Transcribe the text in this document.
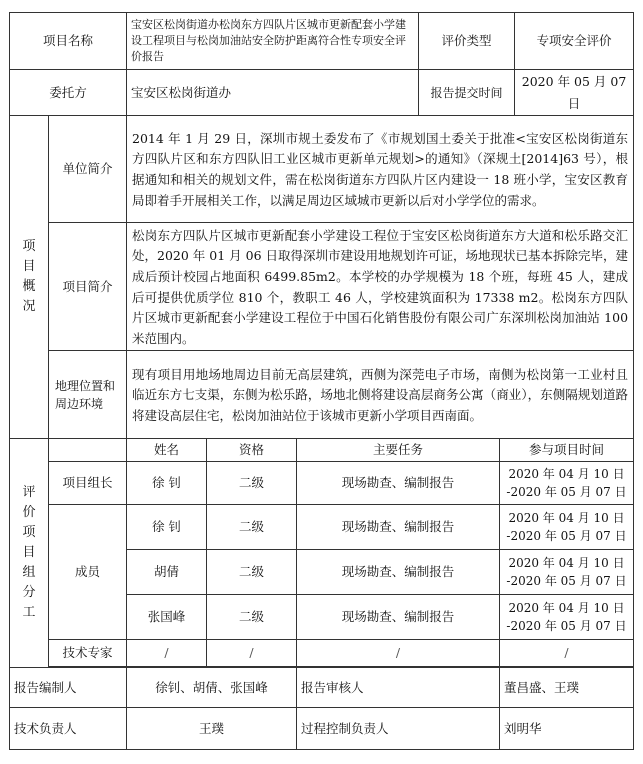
项目名称		宝安区松岗街道办松岗东方四队片区城市更新配套小学建设工程项目与松岗加油站安全防护距离符合性专项安全评价报告			评价类型		专项安全评价
委托方		宝安区松岗街道办			报告提交时间		2020 年 05 月 07 日

项目概况	单位简介	2014 年 1 月 29 日，深圳市规土委发布了《市规划国土委关于批准<宝安区松岗街道东方四队片区和东方四队旧工业区城市更新单元规划>的通知》（深规土[2014]63 号），根据通知和相关的规划文件，需在松岗街道东方四队片区内建设一 18 班小学，宝安区教育局即着手开展相关工作，以满足周边区域城市更新以后对小学学位的需求。					
	项目简介	松岗东方四队片区城市更新配套小学建设工程位于宝安区松岗街道东方大道和松乐路交汇处，2020 年 01 月 06 日取得深圳市建设用地规划许可证，场地现状已基本拆除完毕，建成后预计校园占地面积 6499.85m2。本学校的办学规模为 18 个班，每班 45 人，建成后可提供优质学位 810 个，教职工 46 人，学校建筑面积为 17338 m2。松岗东方四队片区城市更新配套小学建设工程位于中国石化销售股份有限公司广东深圳松岗加油站 100 米范围内。					
	地理位置和周边环境	现有项目用地场地周边目前无高层建筑，西侧为深莞电子市场，南侧为松岗第一工业村且临近东方七支渠，东侧为松乐路，场地北侧将建设高层商务公寓（商业），东侧隔规划道路将建设高层住宅，松岗加油站位于该城市更新小学项目西南面。					

评价项目组分工		姓名	资格	主要任务		参与项目时间	
	项目组长	徐 钊	二级	现场勘查、编制报告		2020 年 04 月 10 日
-2020 年 05 月 07 日	

	成员	徐 钊	二级	现场勘查、编制报告		2020 年 04 月 10 日
-2020 年 05 月 07 日	

		胡倩	二级	现场勘查、编制报告		2020 年 04 月 10 日
-2020 年 05 月 07 日	

		张国峰	二级	现场勘查、编制报告		2020 年 04 月 10 日
-2020 年 05 月 07 日	

	技术专家	/	/	/		/	

报告编制人		徐钊、胡倩、张国峰		报告审核人		董昌盛、王璞	
技术负责人		王璞		过程控制负责人		刘明华	
